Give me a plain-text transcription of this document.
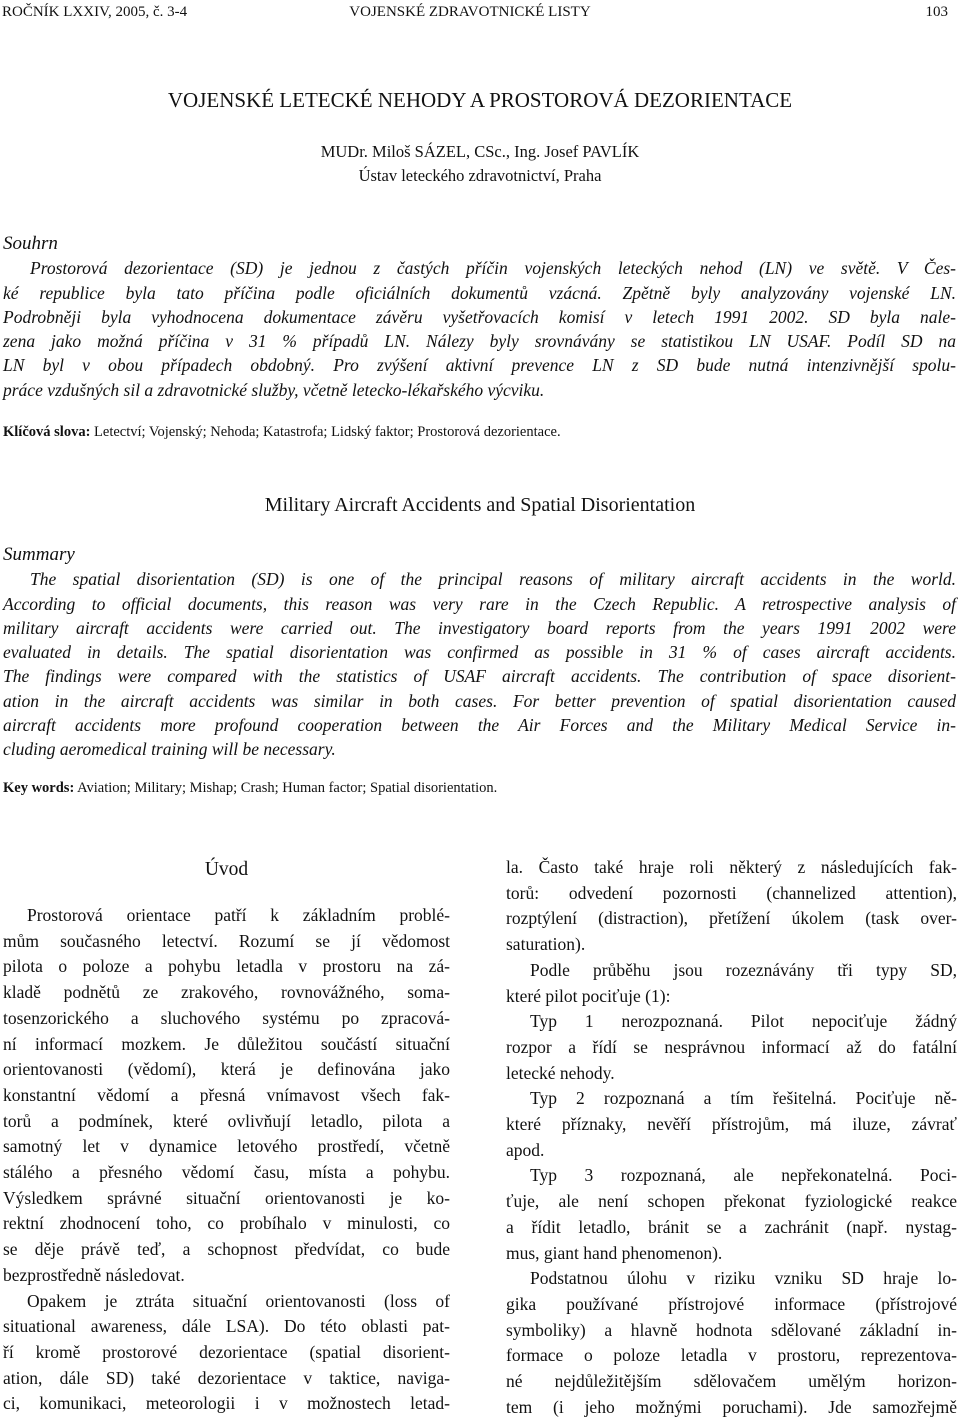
ROČNÍK LXXIV, 2005, č. 3-4	VOJENSKÉ ZDRAVOTNICKÉ LISTY	103
VOJENSKÉ LETECKÉ NEHODY A PROSTOROVÁ DEZORIENTACE
MUDr. Miloš SÁZEL, CSc., Ing. Josef PAVLÍK
Ústav leteckého zdravotnictví, Praha
Souhrn
Prostorová dezorientace (SD) je jednou z častých příčin vojenských leteckých nehod (LN) ve světě. V Čes-
ké republice byla tato příčina podle oficiálních dokumentů vzácná. Zpětně byly analyzovány vojenské LN.
Podrobněji byla vyhodnocena dokumentace závěru vyšetřovacích komisí v letech 1991 2002. SD byla nale-
zena jako možná příčina v 31 % případů LN. Nálezy byly srovnávány se statistikou LN USAF. Podíl SD na
LN byl v obou případech obdobný. Pro zvýšení aktivní prevence LN z SD bude nutná intenzivnější spolu-
práce vzdušných sil a zdravotnické služby, včetně letecko-lékařského výcviku.
Klíčová slova: Letectví; Vojenský; Nehoda; Katastrofa; Lidský faktor; Prostorová dezorientace.
Military Aircraft Accidents and Spatial Disorientation
Summary
The spatial disorientation (SD) is one of the principal reasons of military aircraft accidents in the world.
According to official documents, this reason was very rare in the Czech Republic. A retrospective analysis of
military aircraft accidents were carried out. The investigatory board reports from the years 1991 2002 were
evaluated in details. The spatial disorientation was confirmed as possible in 31 % of cases aircraft accidents.
The findings were compared with the statistics of USAF aircraft accidents. The contribution of space disorient-
ation in the aircraft accidents was similar in both cases. For better prevention of spatial disorientation caused
aircraft accidents more profound cooperation between the Air Forces and the Military Medical Service in-
cluding aeromedical training will be necessary.
Key words: Aviation; Military; Mishap; Crash; Human factor; Spatial disorientation.
Úvod
Prostorová orientace patří k základním problé-
mům současného letectví. Rozumí se jí vědomost
pilota o poloze a pohybu letadla v prostoru na zá-
kladě podnětů ze zrakového, rovnovážného, soma-
tosenzorického a sluchového systému po zpracová-
ní informací mozkem. Je důležitou součástí situační
orientovanosti (vědomí), která je definována jako
konstantní vědomí a přesná vnímavost všech fak-
torů a podmínek, které ovlivňují letadlo, pilota a
samotný let v dynamice letového prostředí, včetně
stálého a přesného vědomí času, místa a pohybu.
Výsledkem správné situační orientovanosti je ko-
rektní zhodnocení toho, co probíhalo v minulosti, co
se děje právě teď, a schopnost předvídat, co bude
bezprostředně následovat.
Opakem je ztráta situační orientovanosti (loss of
situational awareness, dále LSA). Do této oblasti pat-
ří kromě prostorové dezorientace (spatial disorient-
ation, dále SD) také dezorientace v taktice, naviga-
ci, komunikaci, meteorologii i v možnostech letad-
la. Často také hraje roli některý z následujících fak-
torů: odvedení pozornosti (channelized attention),
rozptýlení (distraction), přetížení úkolem (task over-
saturation).
Podle průběhu jsou rozeznávány tři typy SD,
které pilot pociťuje (1):
Typ 1 nerozpoznaná. Pilot nepociťuje žádný
rozpor a řídí se nesprávnou informací až do fatální
letecké nehody.
Typ 2 rozpoznaná a tím řešitelná. Pociťuje ně-
které příznaky, nevěří přístrojům, má iluze, závrať
apod.
Typ 3 rozpoznaná, ale nepřekonatelná. Poci-
ťuje, ale není schopen překonat fyziologické reakce
a řídit letadlo, bránit se a zachránit (např. nystag-
mus, giant hand phenomenon).
Podstatnou úlohu v riziku vzniku SD hraje lo-
gika používané přístrojové informace (přístrojové
symboliky) a hlavně hodnota sdělované základní in-
formace o poloze letadla v prostoru, reprezentova-
né nejdůležitějším sdělovačem umělým horizon-
tem (i jeho možnými poruchami). Jde samozřejmě
